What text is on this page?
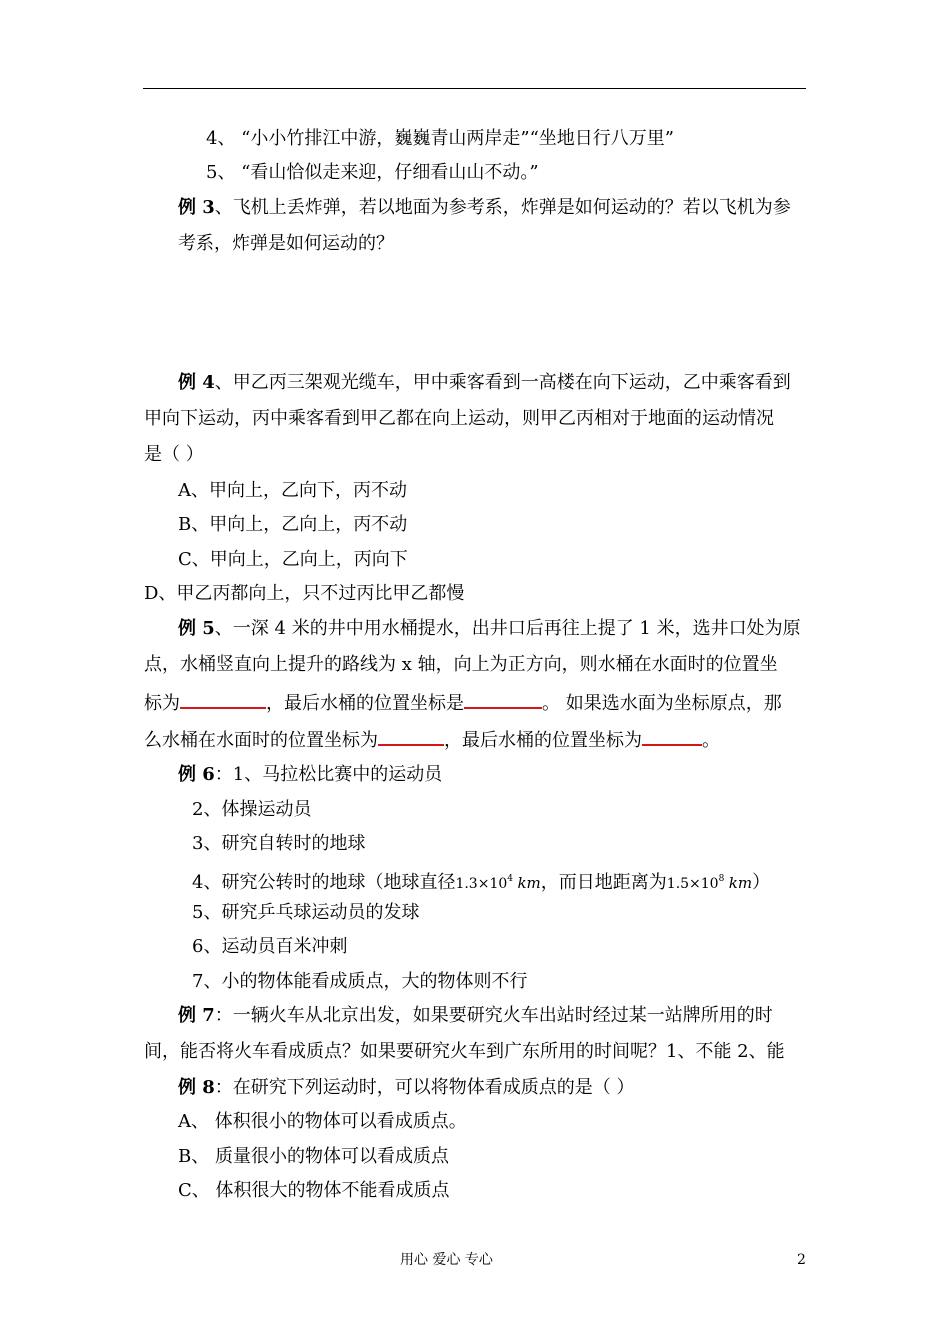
4、 “小小竹排江中游，巍巍青山两岸走”“坐地日行八万里”
5、 “看山恰似走来迎，仔细看山山不动。”
例 3、飞机上丢炸弹，若以地面为参考系，炸弹是如何运动的？若以飞机为参
考系，炸弹是如何运动的？
例 4、甲乙丙三架观光缆车，甲中乘客看到一高楼在向下运动，乙中乘客看到
甲向下运动，丙中乘客看到甲乙都在向上运动，则甲乙丙相对于地面的运动情况
是（ ）
A、甲向上，乙向下，丙不动
B、甲向上，乙向上，丙不动
C、甲向上，乙向上，丙向下
D、甲乙丙都向上，只不过丙比甲乙都慢
例 5、一深 4 米的井中用水桶提水，出井口后再往上提了 1 米，选井口处为原
点，水桶竖直向上提升的路线为 x 轴，向上为正方向，则水桶在水面时的位置坐
标为	，最后水桶的位置坐标是	。 如果选水面为坐标原点，那
么水桶在水面时的位置坐标为	，最后水桶的位置坐标为	。
例 6：1、马拉松比赛中的运动员
2、体操运动员
3、研究自转时的地球
4、研究公转时的地球（地球直径$1.3\times 10^4$ km，而日地距离为$1.5\times 10^8$ km）
5、研究乒乓球运动员的发球
6、运动员百米冲刺
7、小的物体能看成质点，大的物体则不行
例 7：一辆火车从北京出发，如果要研究火车出站时经过某一站牌所用的时
间，能否将火车看成质点？如果要研究火车到广东所用的时间呢？1、不能 2、能
例 8：在研究下列运动时，可以将物体看成质点的是（ ）
A、 体积很小的物体可以看成质点。
B、 质量很小的物体可以看成质点
C、 体积很大的物体不能看成质点
用心 爱心 专心	2
